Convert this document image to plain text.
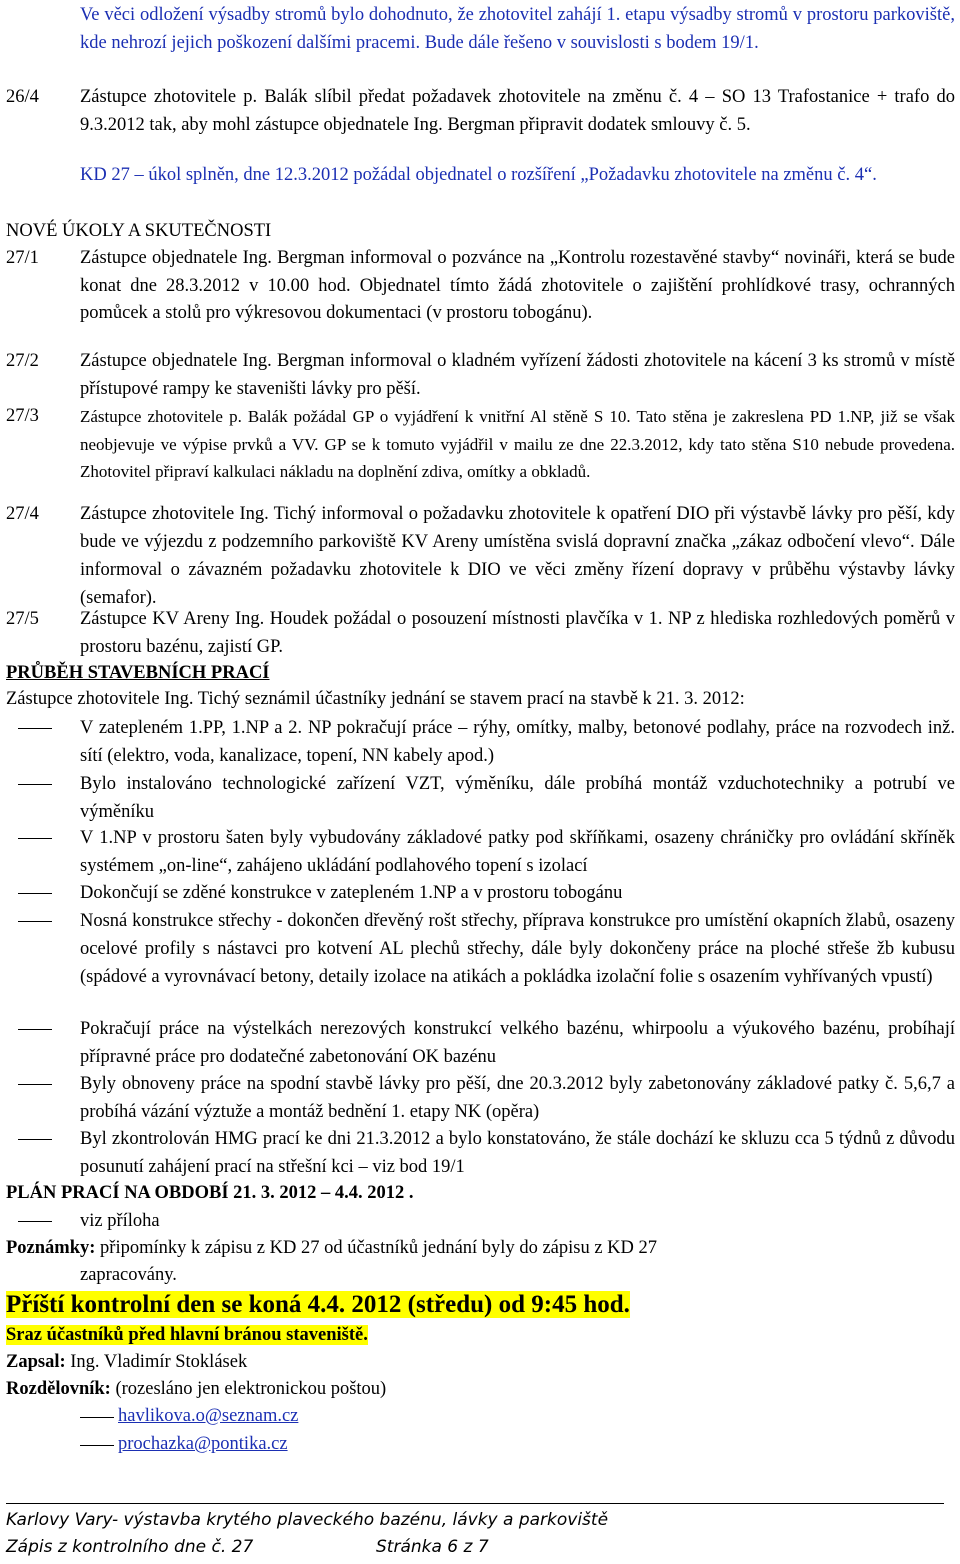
Ve věci odložení výsadby stromů bylo dohodnuto, že zhotovitel zahájí 1. etapu výsadby stromů v prostoru parkoviště, kde nehrozí jejich poškození dalšími pracemi. Bude dále řešeno v souvislosti s bodem 19/1.
26/4 Zástupce zhotovitele p. Balák slíbil předat požadavek zhotovitele na změnu č. 4 – SO 13 Trafostanice + trafo do 9.3.2012 tak, aby mohl zástupce objednatele Ing. Bergman připravit dodatek smlouvy č. 5.
KD 27 – úkol splněn, dne 12.3.2012 požádal objednatel o rozšíření „Požadavku zhotovitele na změnu č. 4“.
NOVÉ ÚKOLY A SKUTEČNOSTI
27/1 Zástupce objednatele Ing. Bergman informoval o pozvánce na „Kontrolu rozestavěné stavby“ novináři, která se bude konat dne 28.3.2012 v 10.00 hod. Objednatel tímto žádá zhotovitele o zajištění prohlídkové trasy, ochranných pomůcek a stolů pro výkresovou dokumentaci (v prostoru tobogánu).
27/2 Zástupce objednatele Ing. Bergman informoval o kladném vyřízení žádosti zhotovitele na kácení 3 ks stromů v místě přístupové rampy ke staveništi lávky pro pěší.
27/3 Zástupce zhotovitele p. Balák požádal GP o vyjádření k vnitřní Al stěně S 10. Tato stěna je zakreslena PD 1.NP, již se však neobjevuje ve výpise prvků a VV. GP se k tomuto vyjádřil v mailu ze dne 22.3.2012, kdy tato stěna S10 nebude provedena. Zhotovitel připraví kalkulaci nákladu na doplnění zdiva, omítky a obkladů.
27/4 Zástupce zhotovitele Ing. Tichý informoval o požadavku zhotovitele k opatření DIO při výstavbě lávky pro pěší, kdy bude ve výjezdu z podzemního parkoviště KV Areny umístěna svislá dopravní značka „zákaz odbočení vlevo“. Dále informoval o závazném požadavku zhotovitele k DIO ve věci změny řízení dopravy v průběhu výstavby lávky (semafor).
27/5 Zástupce KV Areny Ing. Houdek požádal o posouzení místnosti plavčíka v 1. NP z hlediska rozhledových poměrů v prostoru bazénu, zajistí GP.
PRŮBĚH STAVEBNÍCH PRACÍ
Zástupce zhotovitele Ing. Tichý seznámil účastníky jednání se stavem prací na stavbě k 21. 3. 2012:
V zatepleném 1.PP, 1.NP a 2. NP pokračují práce – rýhy, omítky, malby, betonové podlahy, práce na rozvodech inž. sítí (elektro, voda, kanalizace, topení, NN kabely apod.)
Bylo instalováno technologické zařízení VZT, výměníku, dále probíhá montáž vzduchotechniky a potrubí ve výměníku
V 1.NP v prostoru šaten byly vybudovány základové patky pod skříňkami, osazeny chráničky pro ovládání skříněk systémem „on-line“, zahájeno ukládání podlahového topení s izolací
Dokončují se zděné konstrukce v zatepleném 1.NP a v prostoru tobogánu
Nosná konstrukce střechy - dokončen dřevěný rošt střechy, příprava konstrukce pro umístění okapních žlabů, osazeny ocelové profily s nástavci pro kotvení AL plechů střechy, dále byly dokončeny práce na ploché střeše žb kubusu (spádové a vyrovnávací betony, detaily izolace na atikách a pokládka izolační folie s osazením vyhřívaných vpustí)
Pokračují práce na výstelkách nerezových konstrukcí velkého bazénu, whirpoolu a výukového bazénu, probíhají přípravné práce pro dodatečné zabetonování OK bazénu
Byly obnoveny práce na spodní stavbě lávky pro pěší, dne 20.3.2012 byly zabetonovány základové patky č. 5,6,7 a probíhá vázání výztuže a montáž bednění 1. etapy NK (opěra)
Byl zkontrolován HMG prací ke dni 21.3.2012 a bylo konstatováno, že stále dochází ke skluzu cca 5 týdnů z důvodu posunutí zahájení prací na střešní kci – viz bod 19/1
PLÁN PRACÍ NA OBDOBÍ 21. 3. 2012 – 4.4. 2012 .
viz příloha
Poznámky: připomínky k zápisu z KD 27 od účastníků jednání byly do zápisu z KD 27
zapracovány.
Příští kontrolní den se koná 4.4. 2012 (středu) od 9:45 hod.
Sraz účastníků před hlavní bránou staveniště.
Zapsal: Ing. Vladimír Stoklásek
Rozdělovník: (rozesláno jen elektronickou poštou)
havlikova.o@seznam.cz
prochazka@pontika.cz
Karlovy Vary- výstavba krytého plaveckého bazénu, lávky a parkoviště
Zápis z kontrolního dne č. 27	Stránka 6 z 7
